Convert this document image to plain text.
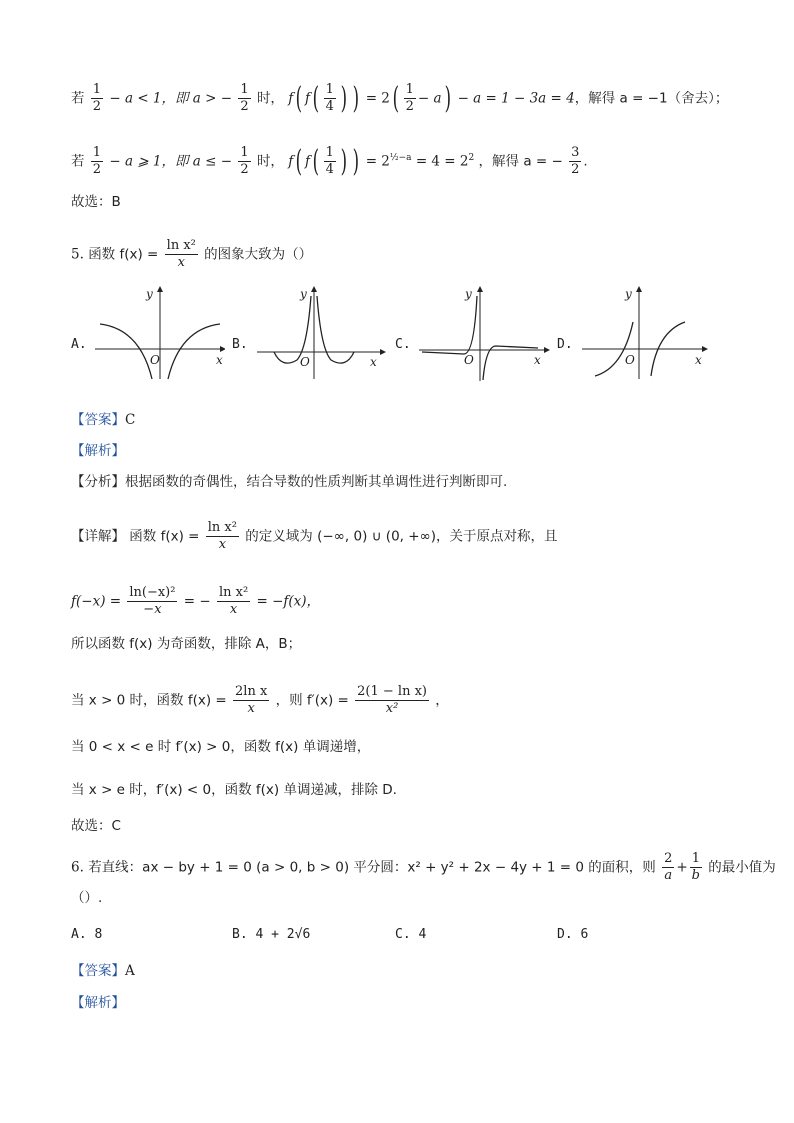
若 $\frac{1}{2} - a < 1$，即 a > − $\frac{1}{2}$ 时， f( $f( \frac{1}{4}$ ) ) = $2( \frac{1}{2} - a) - a = 1 - 3a = 4$，解得 a = −1（舍去）；
若 $\frac{1}{2} - a$ ⩾ 1，即 a ≤ − $\frac{1}{2}$ 时， f( $f( \frac{1}{4}$ ) ) = $2^{\frac{1}{2}-a} = 4 = 2^2$ ，解得 a = − $\frac{3}{2}$ .
故选：B
5. 函数 $f(x) = \frac{\text{ln x²}}{x}$ 的图象大致为（）
A.	B.	C.	D.
y
O	x
y
O	x
y
O	x
y
O	x
【答案】C
【解析】
【分析】根据函数的奇偶性，结合导数的性质判断其单调性进行判断即可.
【详解】 函数 $f(x) = \frac{\text{ln x²}}{x}$ 的定义域为 (−∞, 0) ∪ (0, +∞)，关于原点对称，且
$f(-x) = \frac{\text{ln(−x)²}}{-x}$ = − $\frac{\text{ln x²}}{x} = -f(x)$，
所以函数 f(x) 为奇函数，排除 A，B；
当 x > 0 时，函数 $f(x) = \frac{\text{2ln x}}{x}$ ，则 $f'(x) = \frac{\text{2(1 − ln x)}}{\text{x²}}$ ，
当 0 < x < e 时 f′(x) > 0，函数 f(x) 单调递增，
当 x > e 时，f′(x) < 0，函数 f(x) 单调递减，排除 D.
故选：C
6. 若直线：ax − by + 1 = 0 (a > 0, b > 0) 平分圆：x² + y² + 2x − 4y + 1 = 0 的面积，则 $\frac{2}{a} + \frac{1}{b}$ 的最小值为
（）.
A. 8	B. 4 + 2√6	C. 4	D. 6
【答案】A
【解析】
